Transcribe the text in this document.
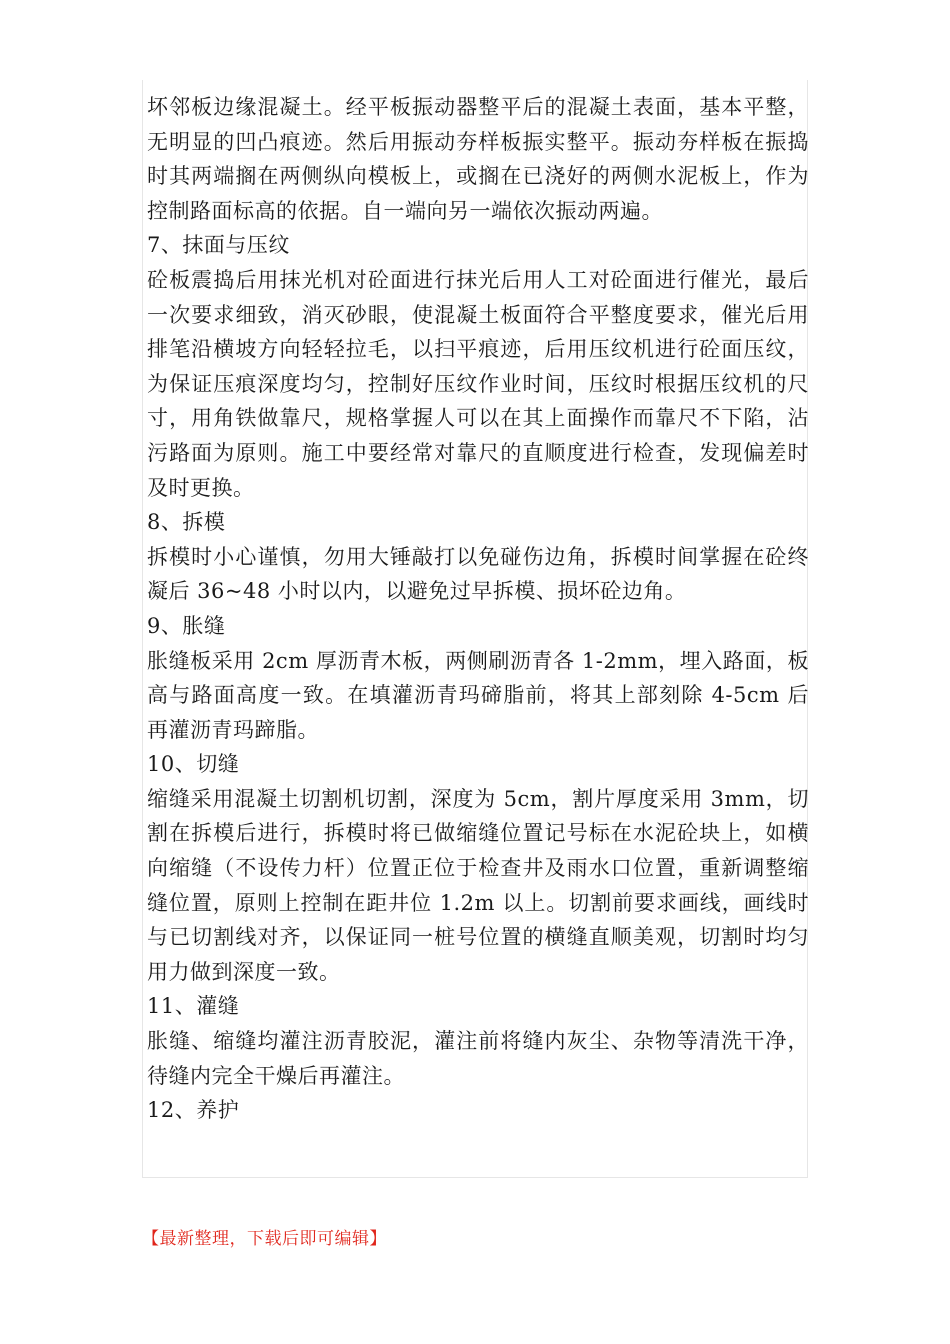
坏邻板边缘混凝土。经平板振动器整平后的混凝土表面，基本平整，无明显的凹凸痕迹。然后用振动夯样板振实整平。振动夯样板在振捣时其两端搁在两侧纵向模板上，或搁在已浇好的两侧水泥板上，作为控制路面标高的依据。自一端向另一端依次振动两遍。

7、抹面与压纹

砼板震捣后用抹光机对砼面进行抹光后用人工对砼面进行催光，最后一次要求细致，消灭砂眼，使混凝土板面符合平整度要求，催光后用排笔沿横坡方向轻轻拉毛，以扫平痕迹，后用压纹机进行砼面压纹，为保证压痕深度均匀，控制好压纹作业时间，压纹时根据压纹机的尺寸，用角铁做靠尺，规格掌握人可以在其上面操作而靠尺不下陷，沾污路面为原则。施工中要经常对靠尺的直顺度进行检查，发现偏差时及时更换。

8、拆模

拆模时小心谨慎，勿用大锤敲打以免碰伤边角，拆模时间掌握在砼终凝后 36~48 小时以内，以避免过早拆模、损坏砼边角。

9、胀缝

胀缝板采用 2cm 厚沥青木板，两侧刷沥青各 1-2mm，埋入路面，板高与路面高度一致。在填灌沥青玛碲脂前，将其上部刻除 4-5cm 后再灌沥青玛蹄脂。

10、切缝

缩缝采用混凝土切割机切割，深度为 5cm，割片厚度采用 3mm，切割在拆模后进行，拆模时将已做缩缝位置记号标在水泥砼块上，如横向缩缝（不设传力杆）位置正位于检查井及雨水口位置，重新调整缩缝位置，原则上控制在距井位 1.2m 以上。切割前要求画线，画线时与已切割线对齐，以保证同一桩号位置的横缝直顺美观，切割时均匀用力做到深度一致。

11、灌缝

胀缝、缩缝均灌注沥青胶泥，灌注前将缝内灰尘、杂物等清洗干净，待缝内完全干燥后再灌注。

12、养护

【最新整理，下载后即可编辑】
